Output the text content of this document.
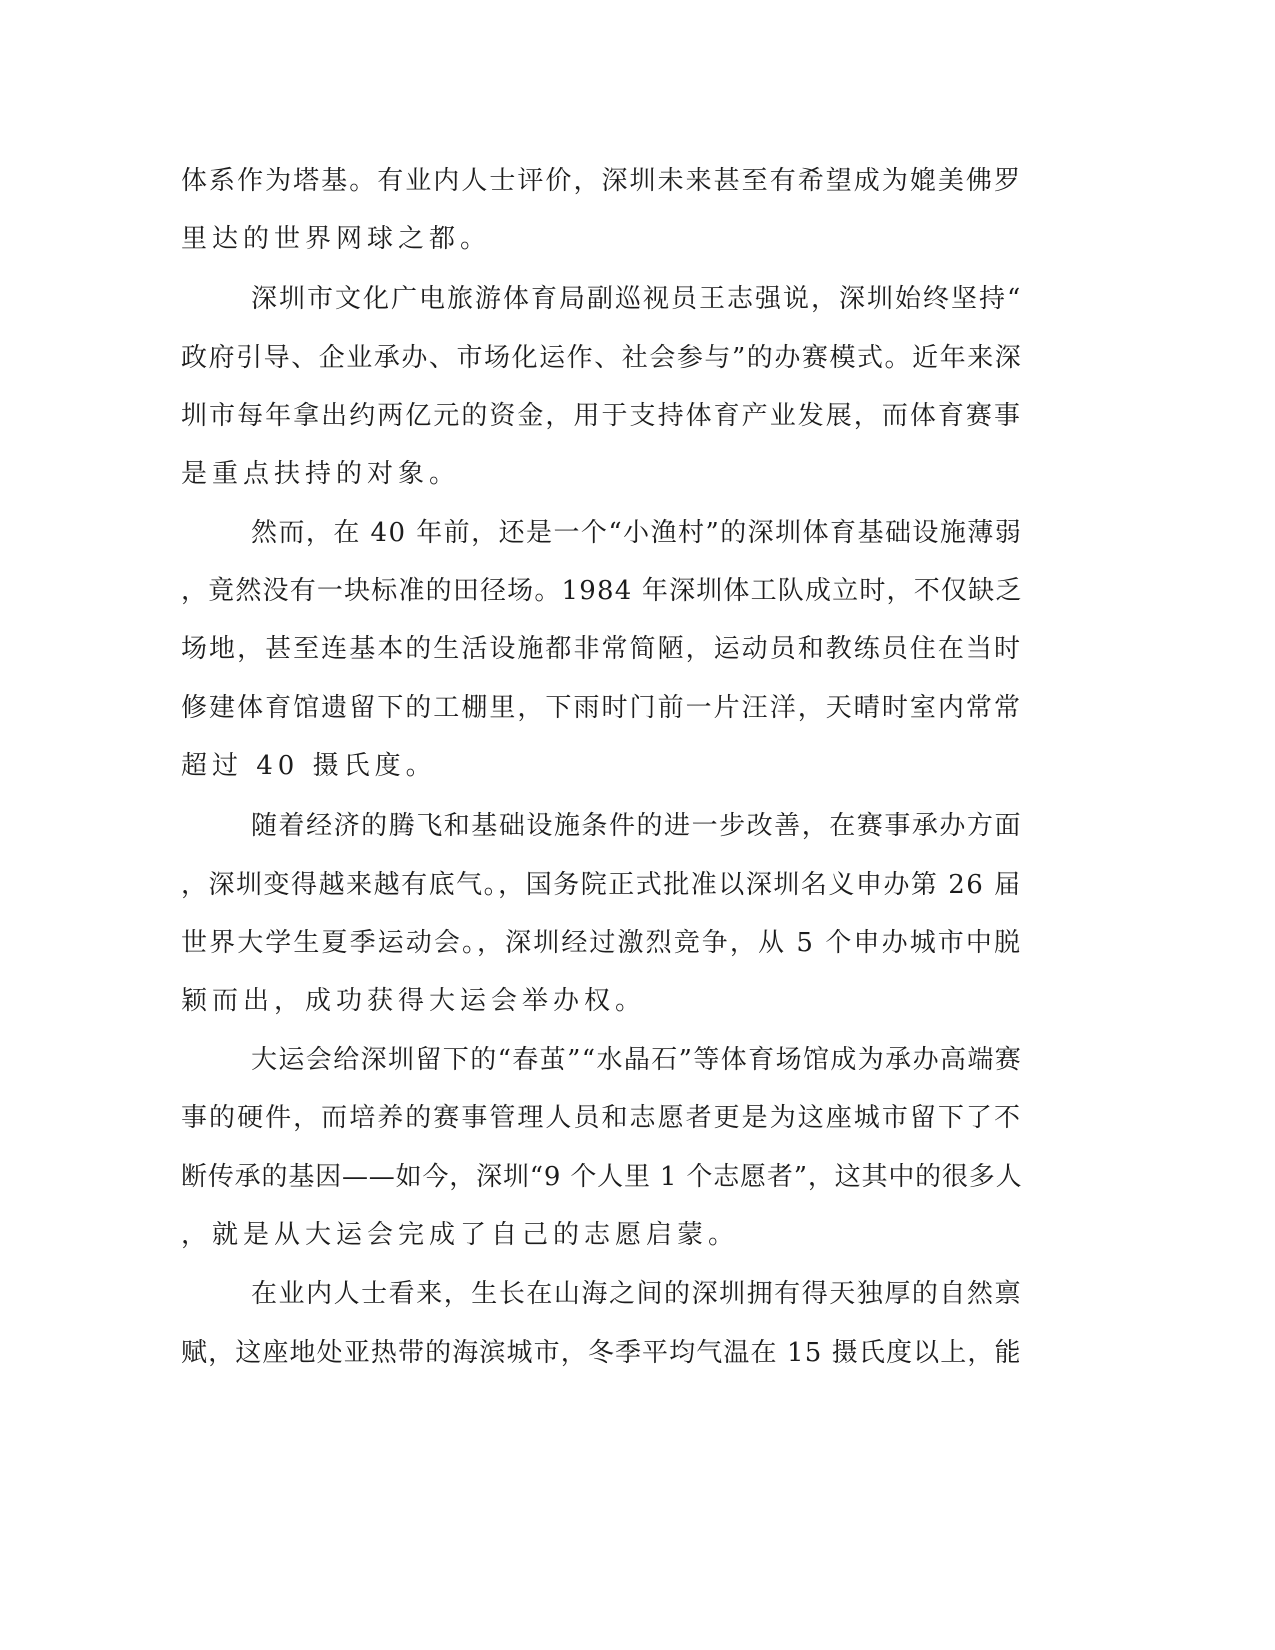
体系作为塔基。有业内人士评价，深圳未来甚至有希望成为媲美佛罗
里达的世界网球之都。
深圳市文化广电旅游体育局副巡视员王志强说，深圳始终坚持“
政府引导、企业承办、市场化运作、社会参与”的办赛模式。近年来深
圳市每年拿出约两亿元的资金，用于支持体育产业发展，而体育赛事
是重点扶持的对象。
然而，在 40 年前，还是一个“小渔村”的深圳体育基础设施薄弱
，竟然没有一块标准的田径场。1984 年深圳体工队成立时，不仅缺乏
场地，甚至连基本的生活设施都非常简陋，运动员和教练员住在当时
修建体育馆遗留下的工棚里，下雨时门前一片汪洋，天晴时室内常常
超过 40 摄氏度。
随着经济的腾飞和基础设施条件的进一步改善，在赛事承办方面
，深圳变得越来越有底气。，国务院正式批准以深圳名义申办第 26 届
世界大学生夏季运动会。，深圳经过激烈竞争，从 5 个申办城市中脱
颖而出，成功获得大运会举办权。
大运会给深圳留下的“春茧”“水晶石”等体育场馆成为承办高端赛
事的硬件，而培养的赛事管理人员和志愿者更是为这座城市留下了不
断传承的基因——如今，深圳“9 个人里 1 个志愿者”，这其中的很多人
，就是从大运会完成了自己的志愿启蒙。
在业内人士看来，生长在山海之间的深圳拥有得天独厚的自然禀
赋，这座地处亚热带的海滨城市，冬季平均气温在 15 摄氏度以上，能
